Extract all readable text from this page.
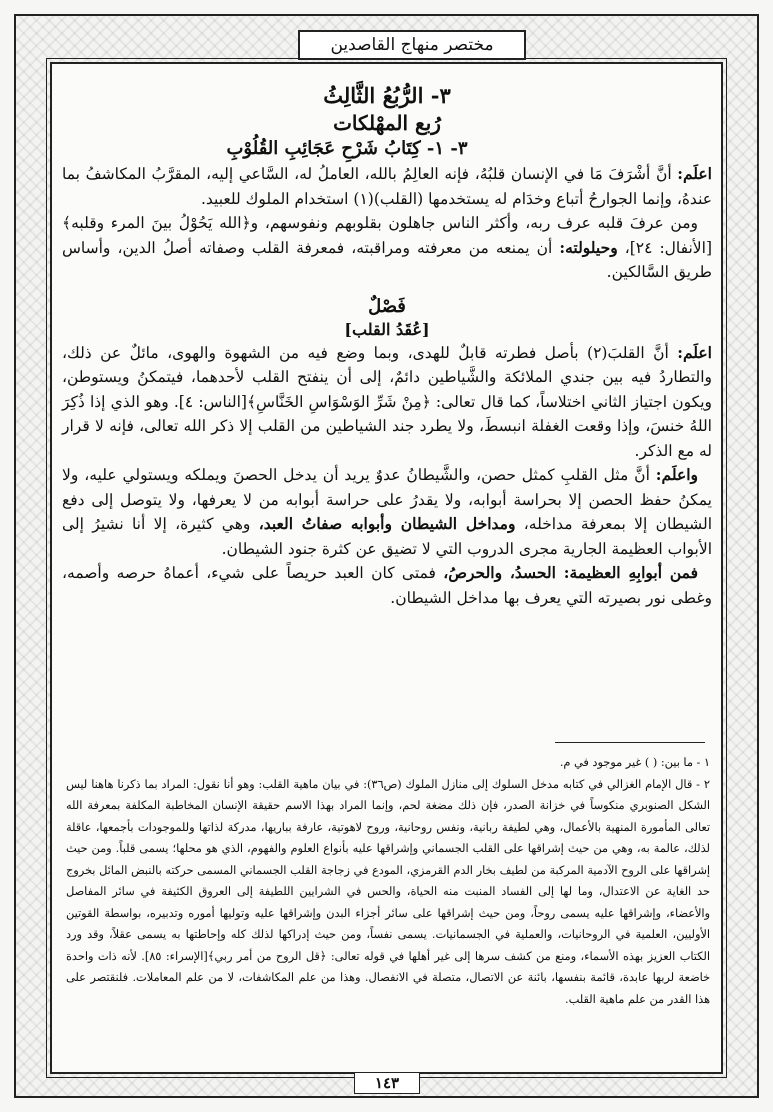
مختصر منهاج القاصدين
٣- الرُّبُعُ الثَّالِثُ
رُبع المهْلكات
٣- ١- كِتَابُ شَرْحِ عَجَائِبِ القُلُوْبِ

اعلَم: أنَّ أشْرَفَ مَا في الإنسان قلبُهُ، فإنه العالِمُ بالله، العاملُ له، السَّاعي إليه، المقرَّبُ المكاشفُ بما عندهُ، وإنما الجوارحُ أتباع وخدَام له يستخدمها (القلب)(١) استخدام الملوك للعبيد.

ومن عرفَ قلبه عرف ربه، وأكثر الناس جاهلون بقلوبهم ونفوسهم، و﴿الله يَحُوْلُ بينَ المرء وقلبه﴾[الأنفال: ٢٤]، وحيلولته: أن يمنعه من معرفته ومراقبته، فمعرفة القلب وصفاته أصلُ الدين، وأساس طريق السَّالكين.

فَصْلٌ
[عُقَدُ القلب]

اعلَم: أنَّ القلبَ(٢) بأصل فطرته قابلٌ للهدى، وبما وضع فيه من الشهوة والهوى، مائلٌ عن ذلك، والتطاردُ فيه بين جندي الملائكة والشَّياطين دائمٌ، إلى أن ينفتح القلب لأحدهما، فيتمكنُ ويستوطن، ويكون اجتياز الثاني اختلاساً، كما قال تعالى: ﴿مِنْ شَرِّ الوَسْوَاسِ الخَنَّاسِ﴾[الناس: ٤]. وهو الذي إذا ذُكِرَ اللهُ خنسَ، وإذا وقعت الغفلة انبسطَ، ولا يطرد جند الشياطين من القلب إلا ذكر الله تعالى، فإنه لا قرار له مع الذكر.

واعلَم: أنَّ مثل القلبِ كمثل حصن، والشَّيطانُ عدوٌ يريد أن يدخل الحصنَ ويملكه ويستولي عليه، ولا يمكنُ حفظ الحصن إلا بحراسة أبوابه، ولا يقدرُ على حراسة أبوابه من لا يعرفها، ولا يتوصل إلى دفع الشيطان إلا بمعرفة مداخله، ومداخل الشيطان وأبوابه صفاتُ العبد، وهي كثيرة، إلا أنا نشيرُ إلى الأبواب العظيمة الجارية مجرى الدروب التي لا تضيق عن كثرة جنود الشيطان.

فمن أبوابِهِ العظيمة: الحسدُ، والحرصُ، فمتى كان العبد حريصاً على شيء، أعماهُ حرصه وأصمه، وغطى نور بصيرته التي يعرف بها مداخل الشيطان.

١ - ما بين: ( ) غير موجود في م.

٢ - قال الإمام الغزالي في كتابه مدخل السلوك إلى منازل الملوك (ص٣٦): في بيان ماهية القلب: وهو أنا نقول: المراد بما ذكرنا هاهنا ليس الشكل الصنوبري منكوساً في خزانة الصدر، فإن ذلك مضغة لحم، وإنما المراد بهذا الاسم حقيقة الإنسان المخاطبة المكلفة بمعرفة الله تعالى المأمورة المنهية بالأعمال، وهي لطيفة ربانية، ونفس روحانية، وروح لاهوتية، عارفة بباريها، مدركة لذاتها وللموجودات بأجمعها، عاقلة لذلك، عالمة به، وهي من حيث إشراقها على القلب الجسماني وإشراقها عليه بأنواع العلوم والفهوم، الذي هو محلها؛ يسمى قلباً. ومن حيث إشراقها على الروح الآدمية المركبة من لطيف بخار الدم القرمزي، المودع في زجاجة القلب الجسماني المسمى حركته بالنبض المائل بخروج حد الغاية عن الاعتدال، وما لها إلى الفساد المنبت منه الحياة، والحس في الشرايين اللطيفة إلى العروق الكثيفة في سائر المفاصل والأعضاء، وإشراقها عليه يسمى روحاً، ومن حيث إشراقها على سائر أجزاء البدن وإشراقها عليه وتوليها أموره وتدبيره، بواسطة القوتين الأوليين، العلمية في الروحانيات، والعملية في الجسمانيات. يسمى نفساً، ومن حيث إدراكها لذلك كله وإحاطتها به يسمى عقلاً، وقد ورد الكتاب العزيز بهذه الأسماء، ومنع من كشف سرها إلى غير أهلها في قوله تعالى: ﴿قل الروح من أمر ربي﴾[الإسراء: ٨٥]. لأنه ذات واحدة خاضعة لربها عابدة، قائمة بنفسها، بائنة عن الاتصال، متصلة في الانفصال. وهذا من علم المكاشفات، لا من علم المعاملات. فلنقتصر على هذا القدر من علم ماهية القلب.

١٤٣
